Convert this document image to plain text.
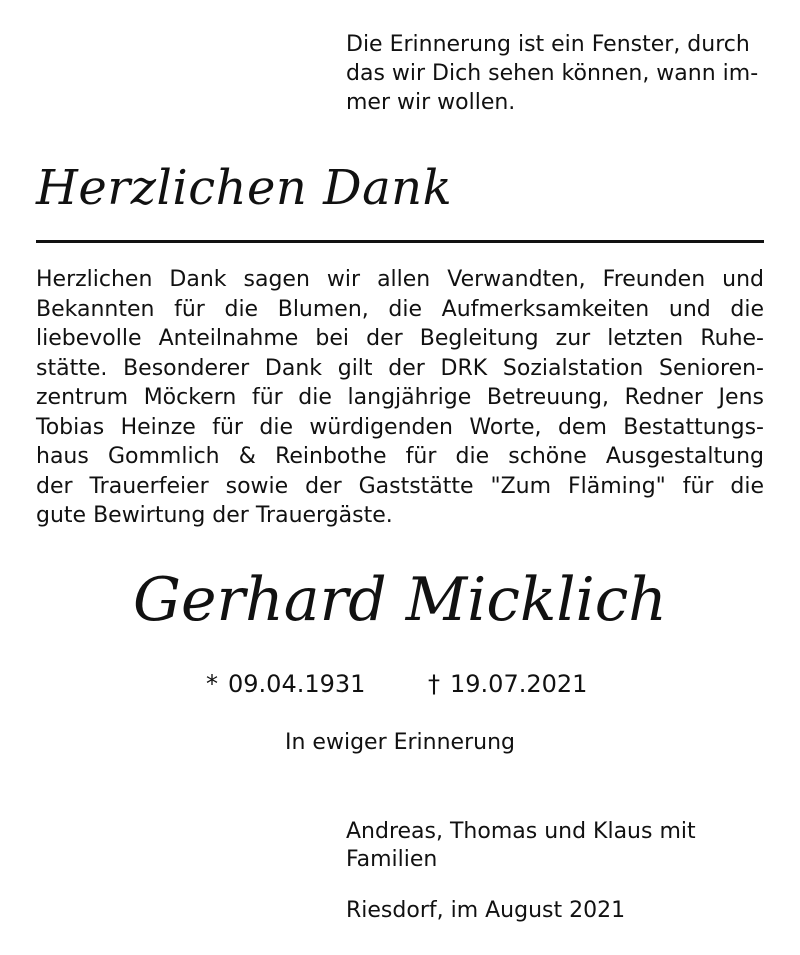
Die Erinnerung ist ein Fenster, durch
das wir Dich sehen können, wann im-
mer wir wollen.
Herzlichen Dank
Herzlichen Dank sagen wir allen Verwandten, Freunden und
Bekannten für die Blumen, die Aufmerksamkeiten und die
liebevolle Anteilnahme bei der Begleitung zur letzten Ruhe-
stätte. Besonderer Dank gilt der DRK Sozialstation Senioren-
zentrum Möckern für die langjährige Betreuung, Redner Jens
Tobias Heinze für die würdigenden Worte, dem Bestattungs-
haus Gommlich & Reinbothe für die schöne Ausgestaltung
der Trauerfeier sowie der Gaststätte "Zum Fläming" für die
gute Bewirtung der Trauergäste.
Gerhard Micklich
* 09.04.1931	† 19.07.2021
In ewiger Erinnerung
Andreas, Thomas und Klaus mit
Familien
Riesdorf, im August 2021
